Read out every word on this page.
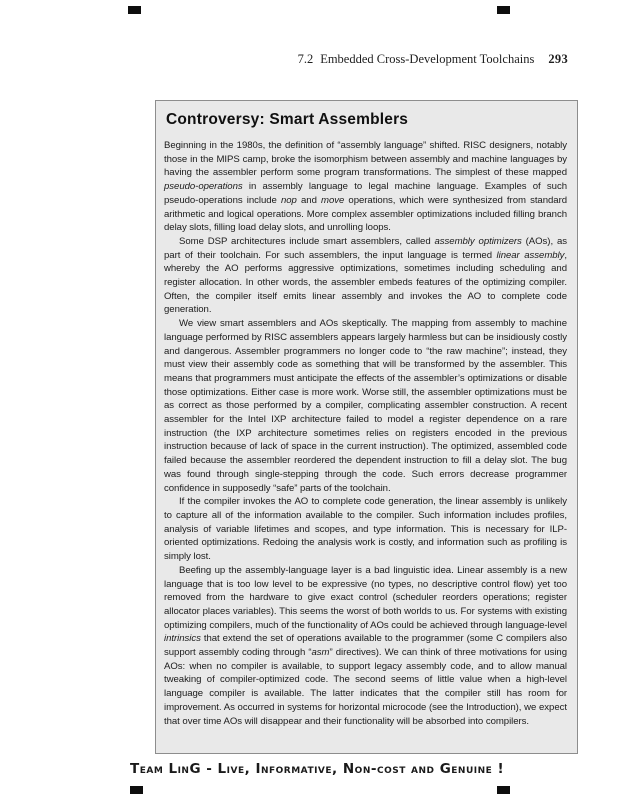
7.2 Embedded Cross-Development Toolchains 293
Controversy: Smart Assemblers

Beginning in the 1980s, the definition of “assembly language” shifted. RISC designers, notably those in the MIPS camp, broke the isomorphism between assembly and machine languages by having the assembler perform some program transformations. The simplest of these mapped pseudo-operations in assembly language to legal machine language. Examples of such pseudo-operations include nop and move operations, which were synthesized from standard arithmetic and logical operations. More complex assembler optimizations included filling branch delay slots, filling load delay slots, and unrolling loops.

Some DSP architectures include smart assemblers, called assembly optimizers (AOs), as part of their toolchain. For such assemblers, the input language is termed linear assembly, whereby the AO performs aggressive optimizations, sometimes including scheduling and register allocation. In other words, the assembler embeds features of the optimizing compiler. Often, the compiler itself emits linear assembly and invokes the AO to complete code generation.

We view smart assemblers and AOs skeptically. The mapping from assembly to machine language performed by RISC assemblers appears largely harmless but can be insidiously costly and dangerous. Assembler programmers no longer code to “the raw machine”; instead, they must view their assembly code as something that will be transformed by the assembler. This means that programmers must anticipate the effects of the assembler’s optimizations or disable those optimizations. Either case is more work. Worse still, the assembler optimizations must be as correct as those performed by a compiler, complicating assembler construction. A recent assembler for the Intel IXP architecture failed to model a register dependence on a rare instruction (the IXP architecture sometimes relies on registers encoded in the previous instruction because of lack of space in the current instruction). The optimized, assembled code failed because the assembler reordered the dependent instruction to fill a delay slot. The bug was found through single-stepping through the code. Such errors decrease programmer confidence in supposedly “safe” parts of the toolchain.

If the compiler invokes the AO to complete code generation, the linear assembly is unlikely to capture all of the information available to the compiler. Such information includes profiles, analysis of variable lifetimes and scopes, and type information. This is necessary for ILP-oriented optimizations. Redoing the analysis work is costly, and information such as profiling is simply lost.

Beefing up the assembly-language layer is a bad linguistic idea. Linear assembly is a new language that is too low level to be expressive (no types, no descriptive control flow) yet too removed from the hardware to give exact control (scheduler reorders operations; register allocator places variables). This seems the worst of both worlds to us. For systems with existing optimizing compilers, much of the functionality of AOs could be achieved through language-level intrinsics that extend the set of operations available to the programmer (some C compilers also support assembly coding through “asm” directives). We can think of three motivations for using AOs: when no compiler is available, to support legacy assembly code, and to allow manual tweaking of compiler-optimized code. The second seems of little value when a high-level language compiler is available. The latter indicates that the compiler still has room for improvement. As occurred in systems for horizontal microcode (see the Introduction), we expect that over time AOs will disappear and their functionality will be absorbed into compilers.

Team LinG - Live, Informative, Non-cost and Genuine !
